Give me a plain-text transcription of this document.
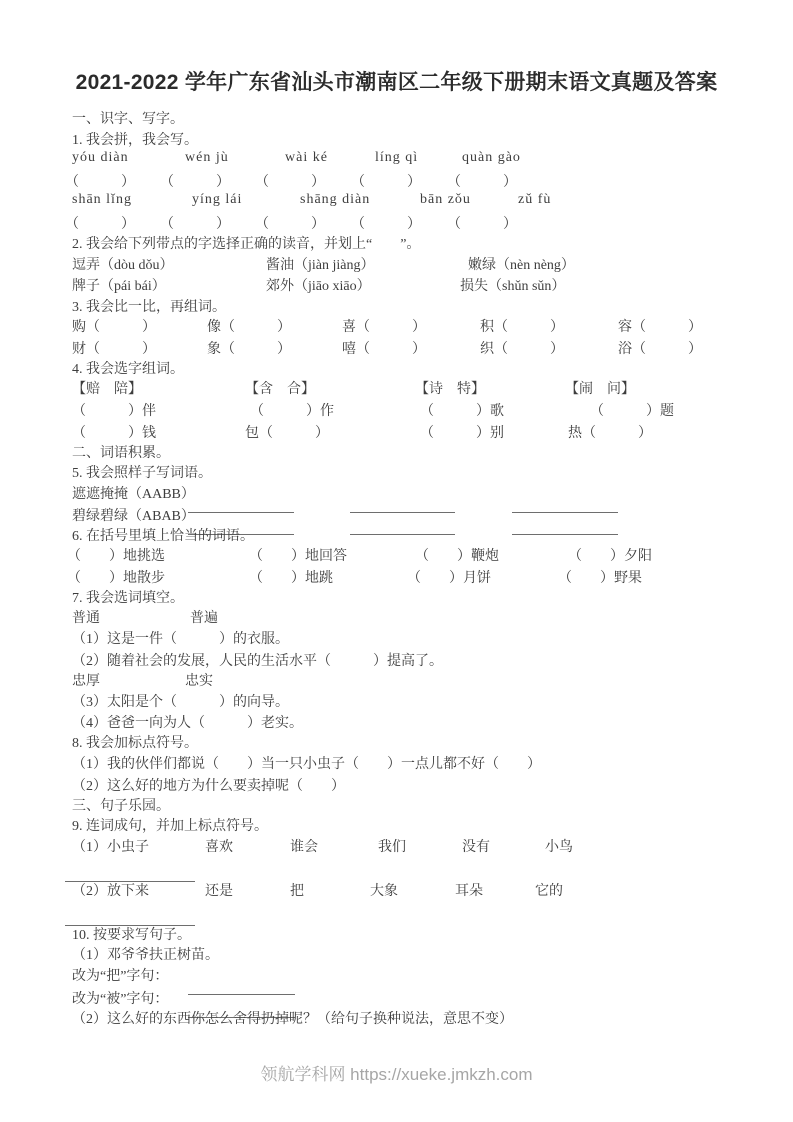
2021-2022 学年广东省汕头市潮南区二年级下册期末语文真题及答案
一、识字、写字。
1. 我会拼，我会写。
yóu diàn	wén jù	wài ké	líng qì	quàn gào
（　　　） （　　　） （　　　） （　　　） （　　　）
shān lǐng	yíng lái	shāng diàn	bān zǒu	zǔ fù
（　　　） （　　　） （　　　） （　　　） （　　　）
2. 我会给下列带点的字选择正确的读音，并划上“　　”。
逗弄（dòu dǒu）	酱油（jiàn jiàng）	嫩绿（nèn nèng）
牌子（pái bái）	郊外（jiāo xiāo）	损失（shǔn sǔn）
3. 我会比一比，再组词。
购（　　　）	像（　　　）	喜（　　　）	积（　　　）	容（　　　）
财（　　　）	象（　　　）	嘻（　　　）	织（　　　）	浴（　　　）
4. 我会选字组词。
【赔　陪】	【含　合】	【诗　特】	【闹　问】
（　　　）伴	（　　　）作	（　　　）歌	（　　　）题
（　　　）钱	包（　　　）	（　　　）别	热（　　　）
二、词语积累。
5. 我会照样子写词语。
遮遮掩掩（AABB）
碧绿碧绿（ABAB）
6. 在括号里填上恰当的词语。
（　　）地挑选	（　　）地回答	（　　）鞭炮	（　　）夕阳
（　　）地散步	（　　）地跳	（　　）月饼	（　　）野果
7. 我会选词填空。
普通	普遍
（1）这是一件（　　　）的衣服。
（2）随着社会的发展，人民的生活水平（　　　）提高了。
忠厚	忠实
（3）太阳是个（　　　）的向导。
（4）爸爸一向为人（　　　）老实。
8. 我会加标点符号。
（1）我的伙伴们都说（　　）当一只小虫子（　　）一点儿都不好（　　）
（2）这么好的地方为什么要卖掉呢（　　）
三、句子乐园。
9. 连词成句，并加上标点符号。
（1）小虫子	喜欢	谁会	我们	没有	小鸟
（2）放下来	还是	把	大象	耳朵	它的
10. 按要求写句子。
（1）邓爷爷扶正树苗。
改为“把”字句：
改为“被”字句：
（2）这么好的东西你怎么舍得扔掉呢？（给句子换种说法，意思不变）
领航学科网 https://xueke.jmkzh.com
